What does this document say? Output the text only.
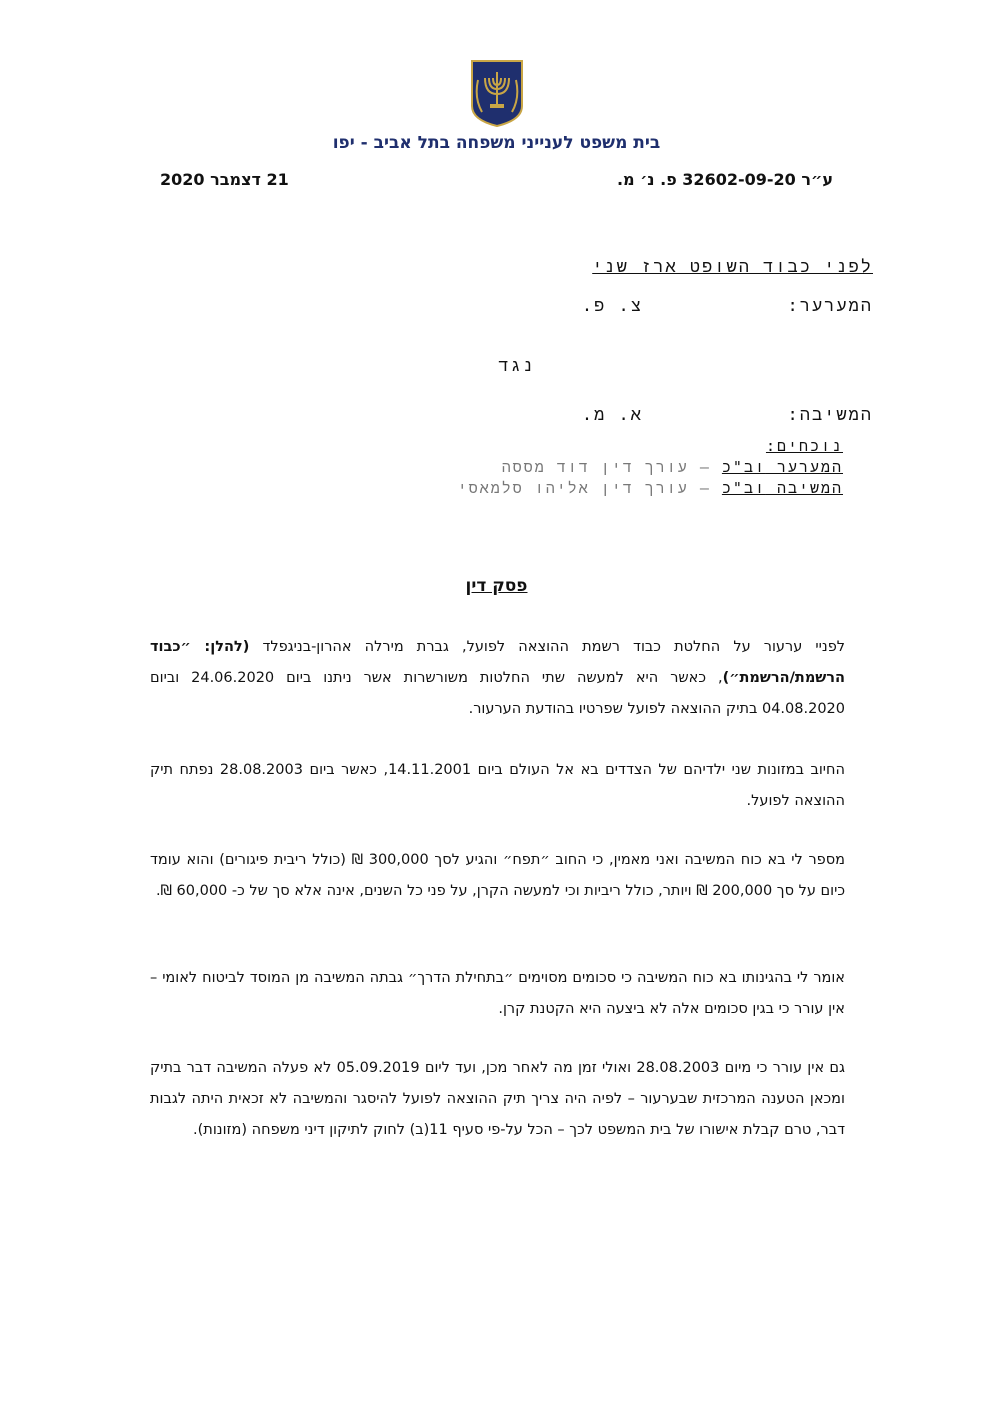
בית משפט לענייני משפחה בתל אביב - יפו
ע״ר 32602-09-20 פ. נ׳ מ.
21 דצמבר 2020
לפני כבוד השופט ארז שני
המערער:
צ. פ.
נגד
המשיבה:
א. מ.
נוכחים:
המערער וב"כ – עורך דין דוד מססה
המשיבה וב"כ – עורך דין אליהו סלמאסי
פסק דין
לפניי ערעור על החלטת כבוד רשמת ההוצאה לפועל, גברת מירלה אהרון-בניגפלד (להלן: ״כבוד הרשמת/הרשמת״), כאשר היא למעשה שתי החלטות משורשרות אשר ניתנו ביום 24.06.2020 וביום 04.08.2020 בתיק ההוצאה לפועל שפרטיו בהודעת הערעור.
החיוב במזונות שני ילדיהם של הצדדים בא אל העולם ביום 14.11.2001, כאשר ביום 28.08.2003 נפתח תיק ההוצאה לפועל.
מספר לי בא כוח המשיבה ואני מאמין, כי החוב ״תפח״ והגיע לסך 300,000 ₪ (כולל ריבית פיגורים) והוא עומד כיום על סך 200,000 ₪ ויותר, כולל ריביות וכי למעשה הקרן, על פני כל השנים, אינה אלא סך של כ- 60,000 ₪.
אומר לי בהגינותו בא כוח המשיבה כי סכומים מסוימים ״בתחילת הדרך״ גבתה המשיבה מן המוסד לביטוח לאומי – אין עורר כי בגין סכומים אלה לא ביצעה היא הקטנת קרן.
גם אין עורר כי מיום 28.08.2003 ואולי זמן מה לאחר מכן, ועד ליום 05.09.2019 לא פעלה המשיבה דבר בתיק ומכאן הטענה המרכזית שבערעור – לפיה היה צריך תיק ההוצאה לפועל להיסגר והמשיבה לא זכאית היתה לגבות דבר, טרם קבלת אישורו של בית המשפט לכך – הכל על-פי סעיף 11(ב) לחוק לתיקון דיני משפחה (מזונות).
